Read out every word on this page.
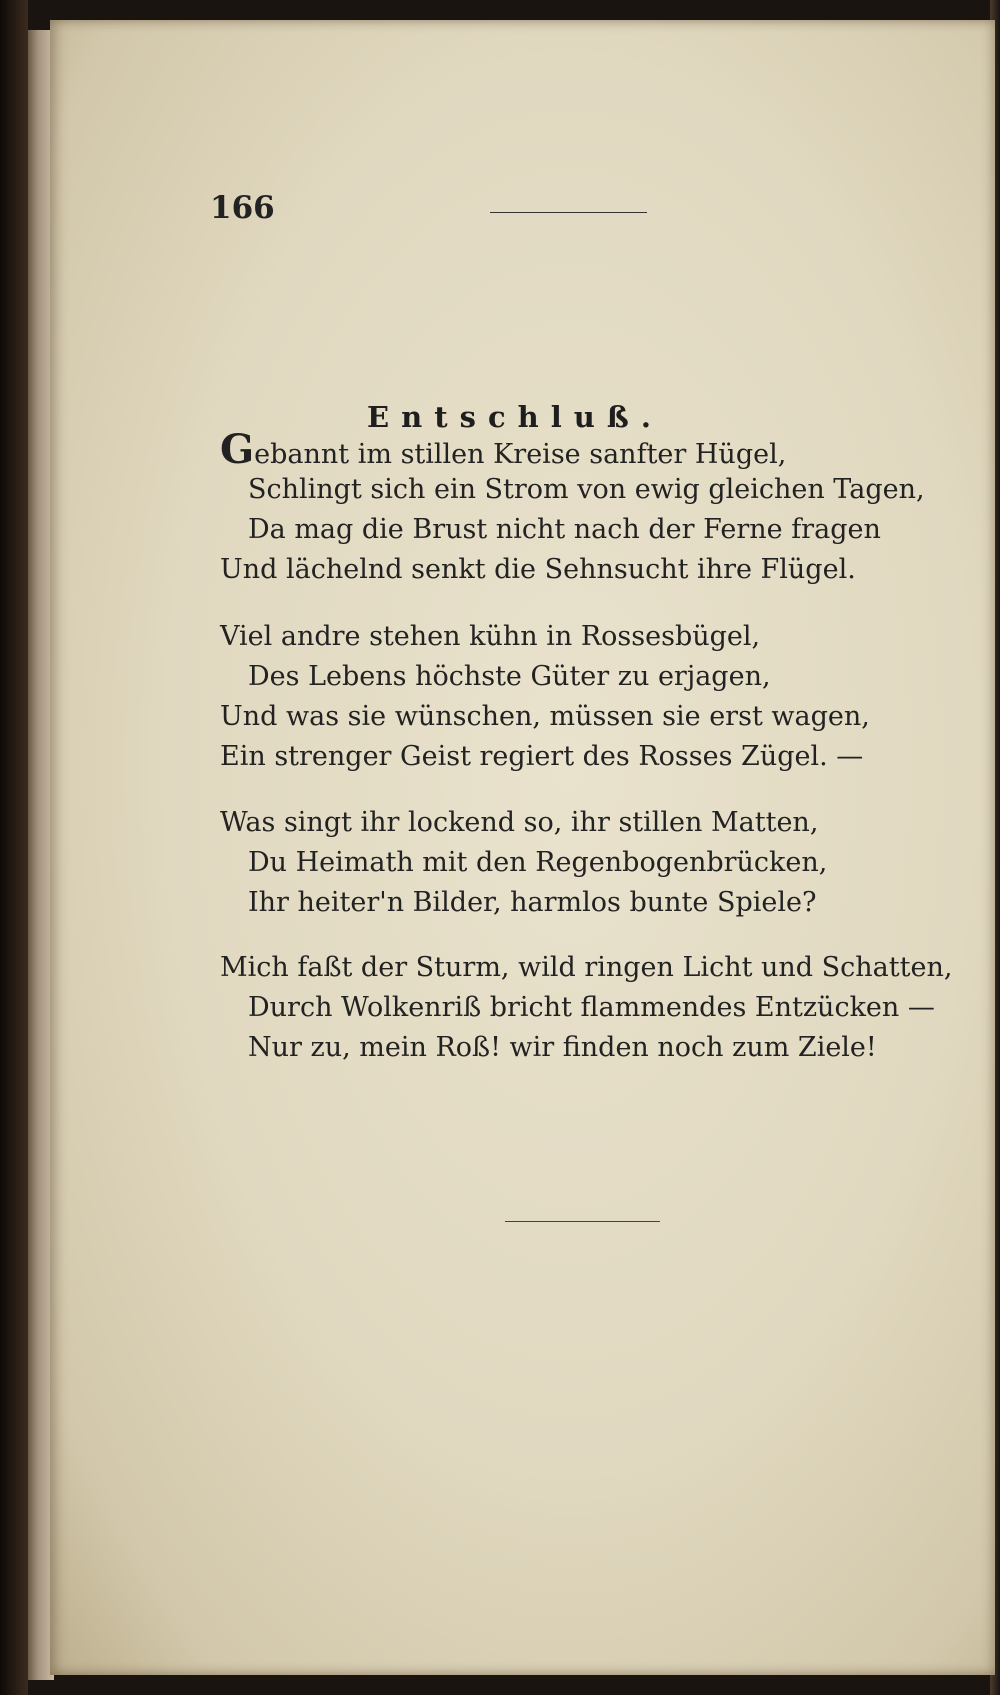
166
Entschluß.
Gebannt im stillen Kreise sanfter Hügel,
Schlingt sich ein Strom von ewig gleichen Tagen,
Da mag die Brust nicht nach der Ferne fragen
Und lächelnd senkt die Sehnsucht ihre Flügel.
Viel andre stehen kühn in Rossesbügel,
Des Lebens höchste Güter zu erjagen,
Und was sie wünschen, müssen sie erst wagen,
Ein strenger Geist regiert des Rosses Zügel. —
Was singt ihr lockend so, ihr stillen Matten,
Du Heimath mit den Regenbogenbrücken,
Ihr heiter'n Bilder, harmlos bunte Spiele?
Mich faßt der Sturm, wild ringen Licht und Schatten,
Durch Wolkenriß bricht flammendes Entzücken —
Nur zu, mein Roß! wir finden noch zum Ziele!
